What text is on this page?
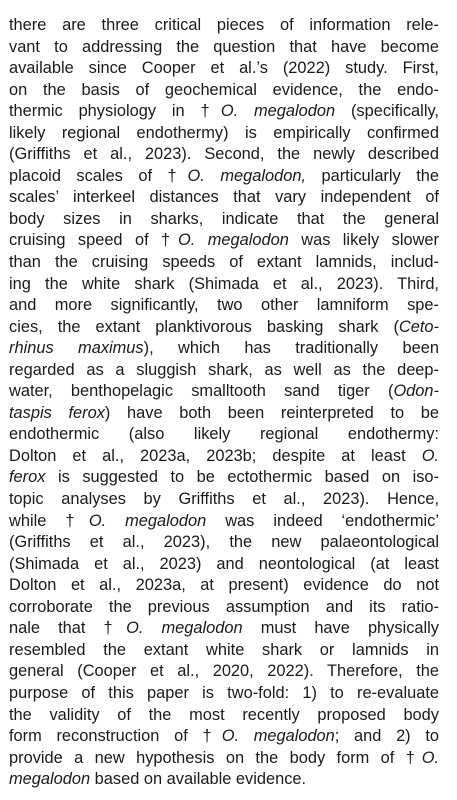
there are three critical pieces of information rele-
vant to addressing the question that have become
available since Cooper et al.’s (2022) study. First,
on the basis of geochemical evidence, the endo-
thermic physiology in †O. megalodon (specifically,
likely regional endothermy) is empirically confirmed
(Griffiths et al., 2023). Second, the newly described
placoid scales of †O. megalodon, particularly the
scales’ interkeel distances that vary independent of
body sizes in sharks, indicate that the general
cruising speed of †O. megalodon was likely slower
than the cruising speeds of extant lamnids, includ-
ing the white shark (Shimada et al., 2023). Third,
and more significantly, two other lamniform spe-
cies, the extant planktivorous basking shark (Ceto-
rhinus maximus), which has traditionally been
regarded as a sluggish shark, as well as the deep-
water, benthopelagic smalltooth sand tiger (Odon-
taspis ferox) have both been reinterpreted to be
endothermic (also likely regional endothermy:
Dolton et al., 2023a, 2023b; despite at least O.
ferox is suggested to be ectothermic based on iso-
topic analyses by Griffiths et al., 2023). Hence,
while †O. megalodon was indeed ‘endothermic’
(Griffiths et al., 2023), the new palaeontological
(Shimada et al., 2023) and neontological (at least
Dolton et al., 2023a, at present) evidence do not
corroborate the previous assumption and its ratio-
nale that †O. megalodon must have physically
resembled the extant white shark or lamnids in
general (Cooper et al., 2020, 2022). Therefore, the
purpose of this paper is two-fold: 1) to re-evaluate
the validity of the most recently proposed body
form reconstruction of †O. megalodon; and 2) to
provide a new hypothesis on the body form of †O.
megalodon based on available evidence.
